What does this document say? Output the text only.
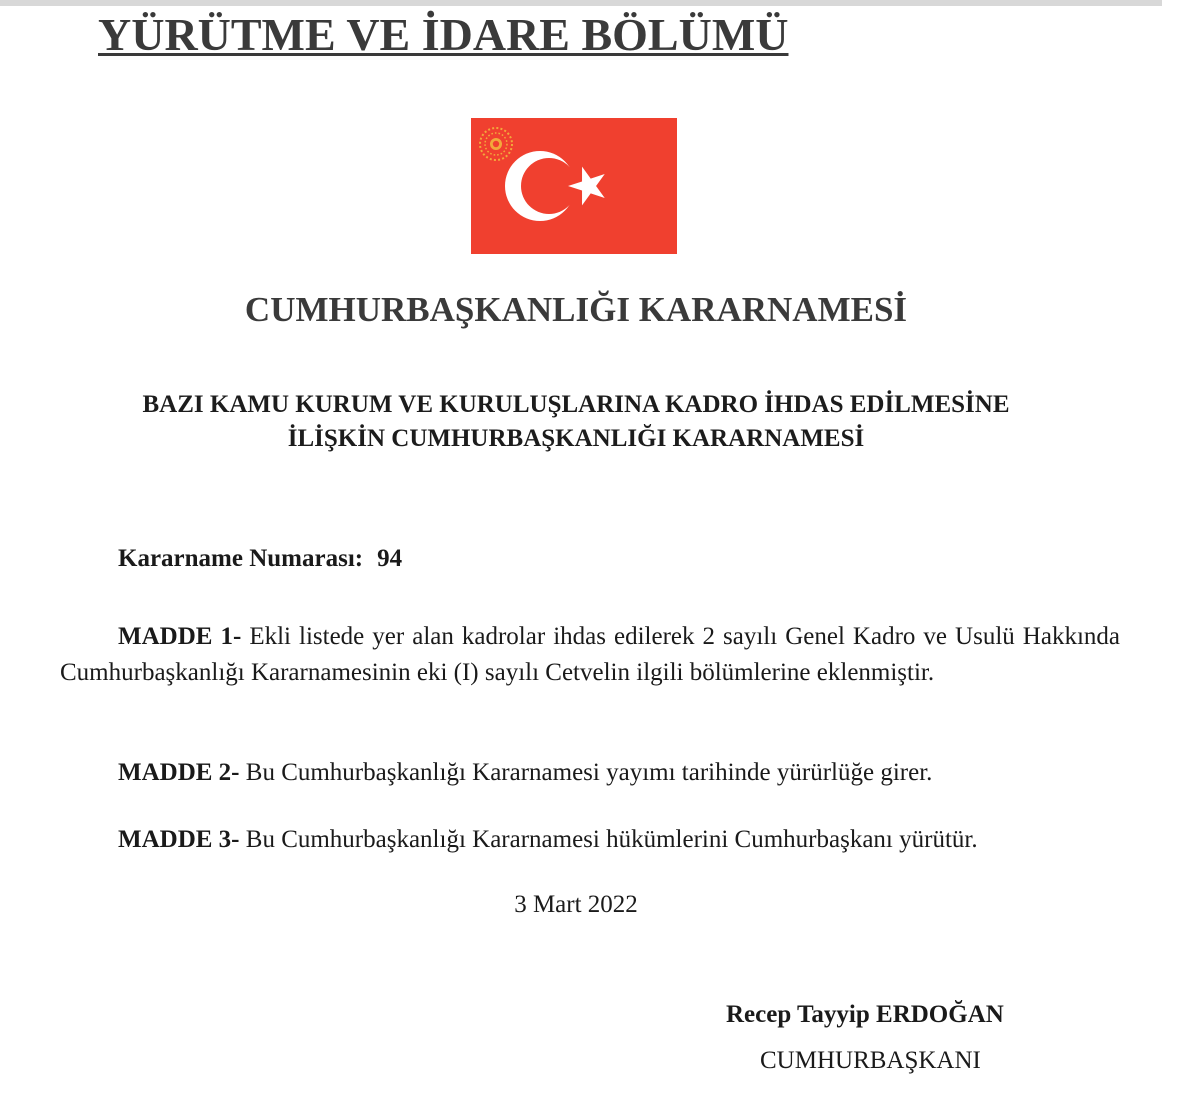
YÜRÜTME VE İDARE BÖLÜMÜ
CUMHURBAŞKANLIĞI KARARNAMESİ
BAZI KAMU KURUM VE KURULUŞLARINA KADRO İHDAS EDİLMESİNE
İLİŞKİN CUMHURBAŞKANLIĞI KARARNAMESİ
Kararname Numarası: 94

MADDE 1- Ekli listede yer alan kadrolar ihdas edilerek 2 sayılı Genel Kadro ve Usulü Hakkında Cumhurbaşkanlığı Kararnamesinin eki (I) sayılı Cetvelin ilgili bölümlerine eklenmiştir.

MADDE 2- Bu Cumhurbaşkanlığı Kararnamesi yayımı tarihinde yürürlüğe girer.

MADDE 3- Bu Cumhurbaşkanlığı Kararnamesi hükümlerini Cumhurbaşkanı yürütür.

3 Mart 2022
Recep Tayyip ERDOĞAN
CUMHURBAŞKANI
